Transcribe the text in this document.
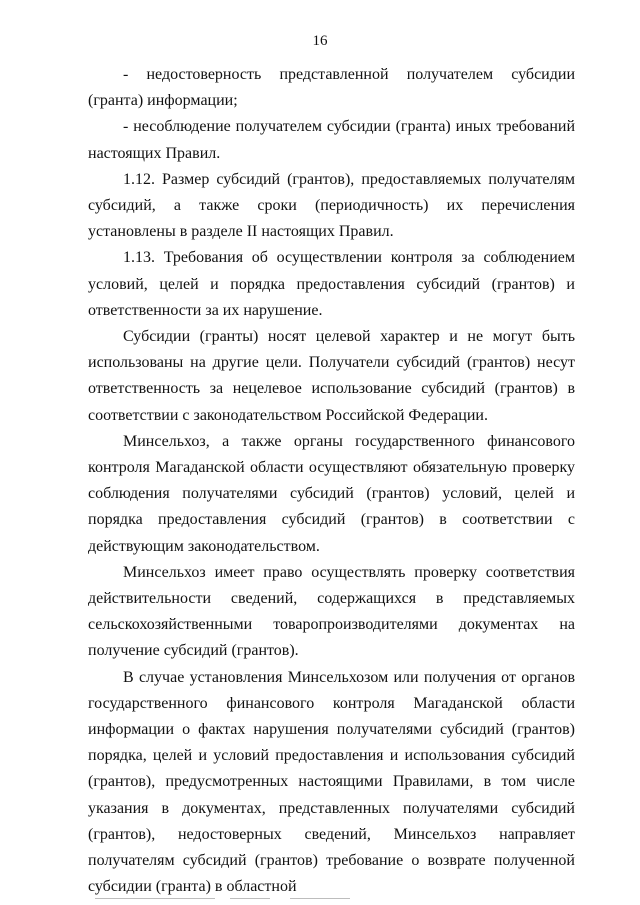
16

- недостоверность представленной получателем субсидии (гранта) информации;

- несоблюдение получателем субсидии (гранта) иных требований настоящих Правил.

1.12. Размер субсидий (грантов), предоставляемых получателям субсидий, а также сроки (периодичность) их перечисления установлены в разделе II настоящих Правил.

1.13. Требования об осуществлении контроля за соблюдением условий, целей и порядка предоставления субсидий (грантов) и ответственности за их нарушение.

Субсидии (гранты) носят целевой характер и не могут быть использованы на другие цели. Получатели субсидий (грантов) несут ответственность за нецелевое использование субсидий (грантов) в соответствии с законодательством Российской Федерации.

Минсельхоз, а также органы государственного финансового контроля Магаданской области осуществляют обязательную проверку соблюдения получателями субсидий (грантов) условий, целей и порядка предоставления субсидий (грантов) в соответствии с действующим законодательством.

Минсельхоз имеет право осуществлять проверку соответствия действительности сведений, содержащихся в представляемых сельскохозяйственными товаропроизводителями документах на получение субсидий (грантов).

В случае установления Минсельхозом или получения от органов государственного финансового контроля Магаданской области информации о фактах нарушения получателями субсидий (грантов) порядка, целей и условий предоставления и использования субсидий (грантов), предусмотренных настоящими Правилами, в том числе указания в документах, представленных получателями субсидий (грантов), недостоверных сведений, Минсельхоз направляет получателям субсидий (грантов) требование о возврате полученной субсидии (гранта) в областной
